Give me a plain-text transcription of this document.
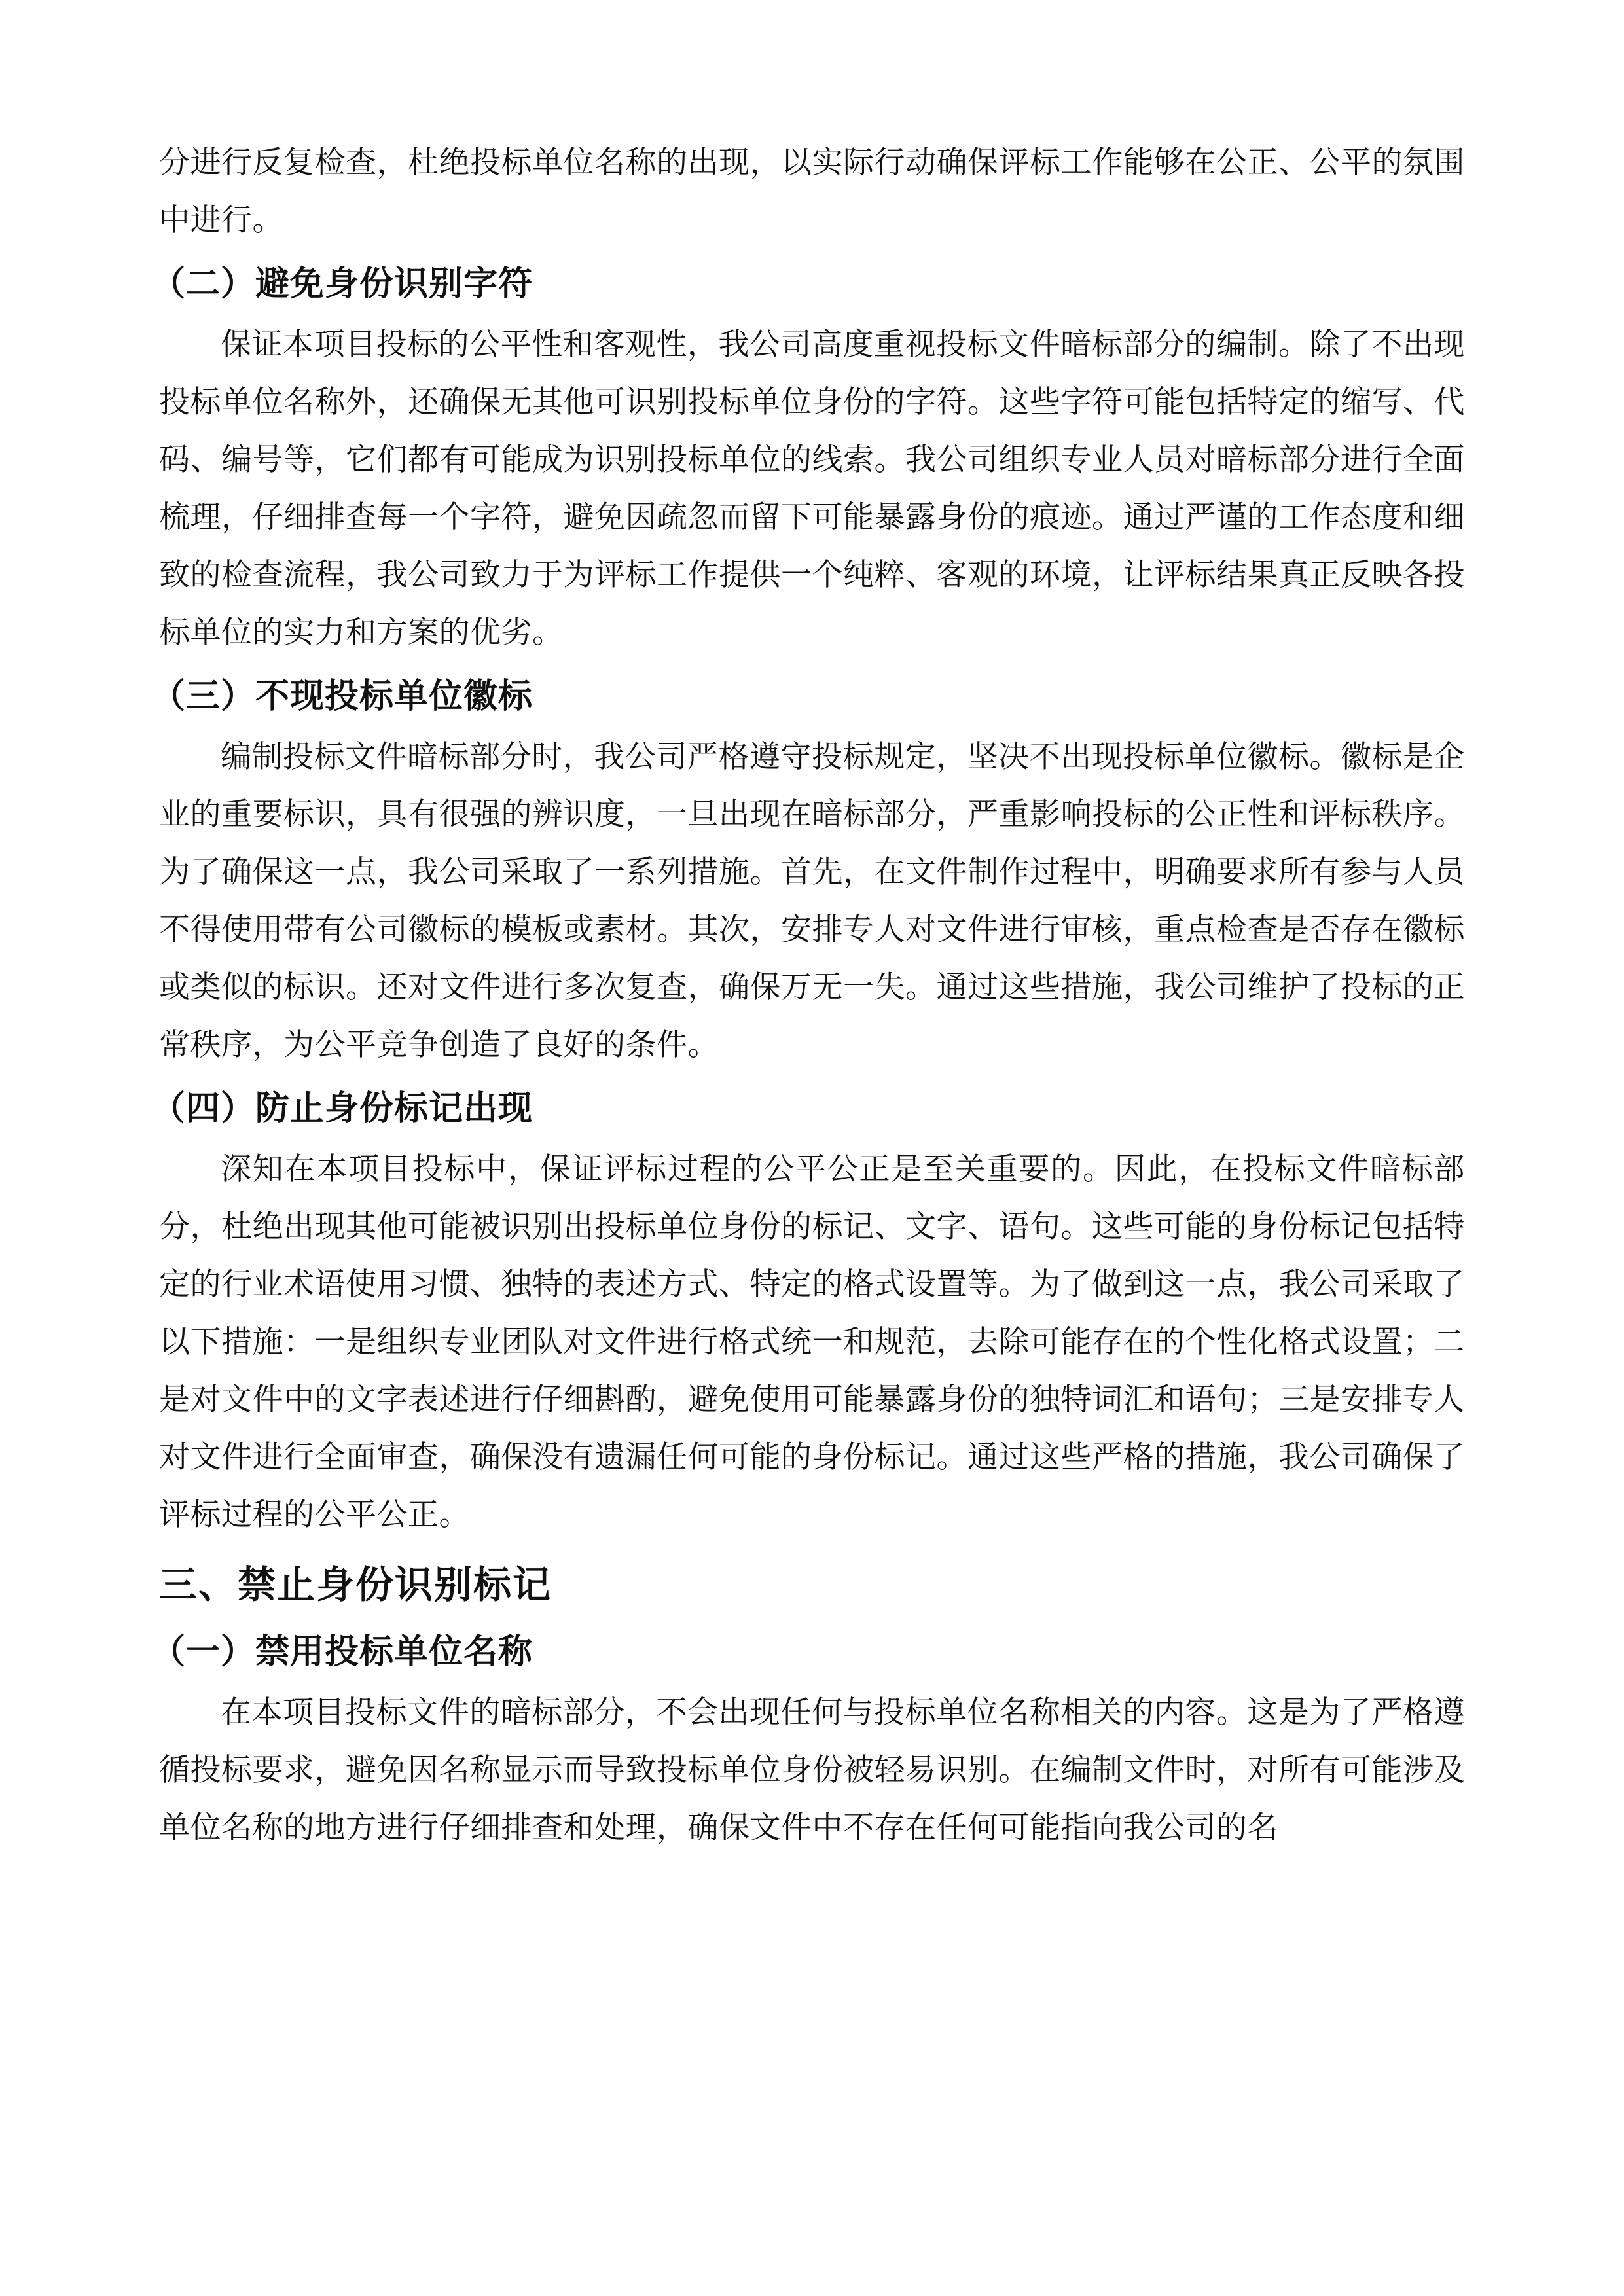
分进行反复检查，杜绝投标单位名称的出现，以实际行动确保评标工作能够在公正、公平的氛围中进行。

（二）避免身份识别字符

保证本项目投标的公平性和客观性，我公司高度重视投标文件暗标部分的编制。除了不出现投标单位名称外，还确保无其他可识别投标单位身份的字符。这些字符可能包括特定的缩写、代码、编号等，它们都有可能成为识别投标单位的线索。我公司组织专业人员对暗标部分进行全面梳理，仔细排查每一个字符，避免因疏忽而留下可能暴露身份的痕迹。通过严谨的工作态度和细致的检查流程，我公司致力于为评标工作提供一个纯粹、客观的环境，让评标结果真正反映各投标单位的实力和方案的优劣。

（三）不现投标单位徽标

编制投标文件暗标部分时，我公司严格遵守投标规定，坚决不出现投标单位徽标。徽标是企业的重要标识，具有很强的辨识度，一旦出现在暗标部分，严重影响投标的公正性和评标秩序。为了确保这一点，我公司采取了一系列措施。首先，在文件制作过程中，明确要求所有参与人员不得使用带有公司徽标的模板或素材。其次，安排专人对文件进行审核，重点检查是否存在徽标或类似的标识。还对文件进行多次复查，确保万无一失。通过这些措施，我公司维护了投标的正常秩序，为公平竞争创造了良好的条件。

（四）防止身份标记出现

深知在本项目投标中，保证评标过程的公平公正是至关重要的。因此，在投标文件暗标部分，杜绝出现其他可能被识别出投标单位身份的标记、文字、语句。这些可能的身份标记包括特定的行业术语使用习惯、独特的表述方式、特定的格式设置等。为了做到这一点，我公司采取了以下措施：一是组织专业团队对文件进行格式统一和规范，去除可能存在的个性化格式设置；二是对文件中的文字表述进行仔细斟酌，避免使用可能暴露身份的独特词汇和语句；三是安排专人对文件进行全面审查，确保没有遗漏任何可能的身份标记。通过这些严格的措施，我公司确保了评标过程的公平公正。

三、禁止身份识别标记
（一）禁用投标单位名称

在本项目投标文件的暗标部分，不会出现任何与投标单位名称相关的内容。这是为了严格遵循投标要求，避免因名称显示而导致投标单位身份被轻易识别。在编制文件时，对所有可能涉及单位名称的地方进行仔细排查和处理，确保文件中不存在任何可能指向我公司的名
